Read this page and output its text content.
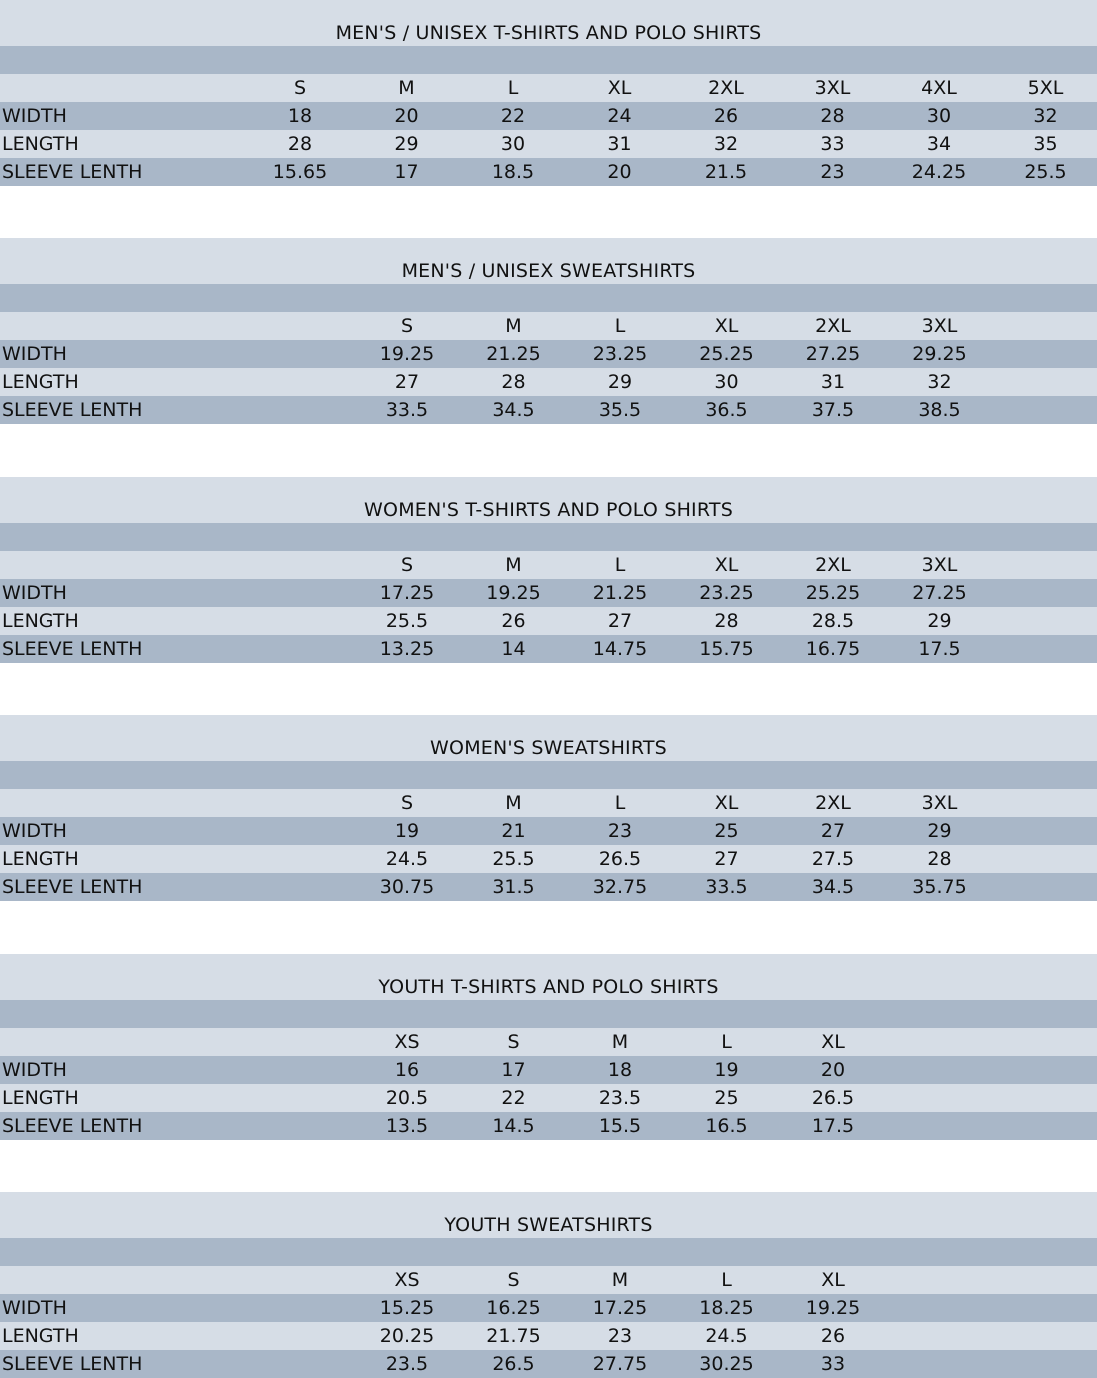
MEN'S / UNISEX T-SHIRTS AND POLO SHIRTS
S	M	L	XL	2XL	3XL	4XL	5XL
WIDTH	18	20	22	24	26	28	30	32
LENGTH	28	29	30	31	32	33	34	35
SLEEVE LENTH	15.65	17	18.5	20	21.5	23	24.25	25.5
MEN'S / UNISEX SWEATSHIRTS
S	M	L	XL	2XL	3XL
WIDTH	19.25	21.25	23.25	25.25	27.25	29.25
LENGTH	27	28	29	30	31	32
SLEEVE LENTH	33.5	34.5	35.5	36.5	37.5	38.5
WOMEN'S T-SHIRTS AND POLO SHIRTS
S	M	L	XL	2XL	3XL
WIDTH	17.25	19.25	21.25	23.25	25.25	27.25
LENGTH	25.5	26	27	28	28.5	29
SLEEVE LENTH	13.25	14	14.75	15.75	16.75	17.5
WOMEN'S SWEATSHIRTS
S	M	L	XL	2XL	3XL
WIDTH	19	21	23	25	27	29
LENGTH	24.5	25.5	26.5	27	27.5	28
SLEEVE LENTH	30.75	31.5	32.75	33.5	34.5	35.75
YOUTH T-SHIRTS AND POLO SHIRTS
XS	S	M	L	XL
WIDTH	16	17	18	19	20
LENGTH	20.5	22	23.5	25	26.5
SLEEVE LENTH	13.5	14.5	15.5	16.5	17.5
YOUTH SWEATSHIRTS
XS	S	M	L	XL
WIDTH	15.25	16.25	17.25	18.25	19.25
LENGTH	20.25	21.75	23	24.5	26
SLEEVE LENTH	23.5	26.5	27.75	30.25	33
